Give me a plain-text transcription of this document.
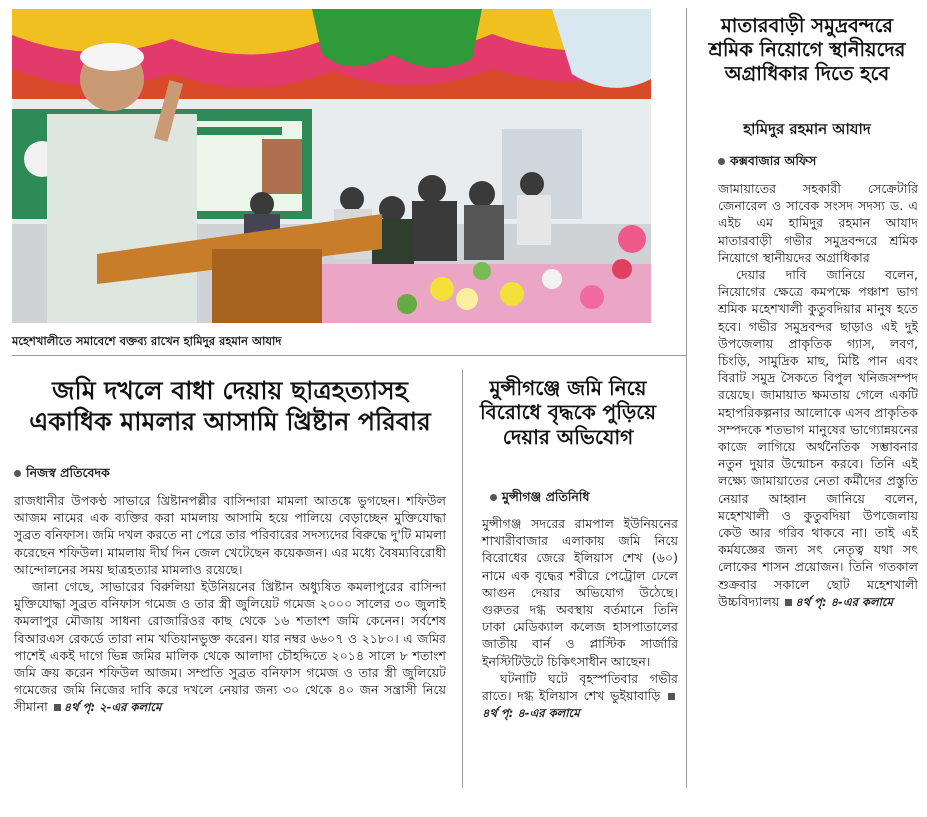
মহেশখালীতে সমাবেশে বক্তব্য রাখেন হামিদুর রহমান আযাদ
জমি দখলে বাধা দেয়ায় ছাত্রহত্যাসহ একাধিক মামলার আসামি খ্রিষ্টান পরিবার
নিজস্ব প্রতিবেদক

রাজধানীর উপকণ্ঠ সাভারে খ্রিষ্টানপল্লীর বাসিন্দারা মামলা আতঙ্কে ভুগছেন। শফিউল আজম নামের এক ব্যক্তির করা মামলায় আসামি হয়ে পালিয়ে বেড়াচ্ছেন মুক্তিযোদ্ধা সুব্রত বনিফাস। জমি দখল করতে না পেরে তার পরিবারের সদস্যদের বিরুদ্ধে দু'টি মামলা করেছেন শফিউল। মামলায় দীর্ঘ দিন জেল খেটেছেন কয়েকজন। এর মধ্যে বৈষম্যবিরোধী আন্দোলনের সময় ছাত্রহত্যার মামলাও রয়েছে।

জানা গেছে, সাভারের বিরুলিয়া ইউনিয়নের খ্রিষ্টান অধ্যুষিত কমলাপুরের বাসিন্দা মুক্তিযোদ্ধা সুব্রত বনিফাস গমেজ ও তার স্ত্রী জুলিয়েট গমেজ ২০০০ সালের ৩০ জুলাই কমলাপুর মৌজায় সাধনা রোজারিওর কাছ থেকে ১৬ শতাংশ জমি কেনেন। সর্বশেষ বিআরএস রেকর্ডে তারা নাম খতিয়ানভুক্ত করেন। যার নম্বর ৬৬০৭ ও ২১৮০। এ জমির পাশেই একই দাগে ভিন্ন জমির মালিক থেকে আলাদা চৌহদ্দিতে ২০১৪ সালে ৮ শতাংশ জমি ক্রয় করেন শফিউল আজম। সম্প্রতি সুব্রত বনিফাস গমেজ ও তার স্ত্রী জুলিয়েট গমেজের জমি নিজের দাবি করে দখলে নেয়ার জন্য ৩০ থেকে ৪০ জন সন্ত্রাসী নিয়ে সীমানা ৪র্থ পৃ: ২-এর কলামে

মুন্সীগঞ্জে জমি নিয়ে বিরোধে বৃদ্ধকে পুড়িয়ে দেয়ার অভিযোগ
মুন্সীগঞ্জ প্রতিনিধি

মুন্সীগঞ্জ সদরের রামপাল ইউনিয়নের শাখারীবাজার এলাকায় জমি নিয়ে বিরোধের জেরে ইলিয়াস শেখ (৬০) নামে এক বৃদ্ধের শরীরে পেট্রোল ঢেলে আগুন দেয়ার অভিযোগ উঠেছে। গুরুতর দগ্ধ অবস্থায় বর্তমানে তিনি ঢাকা মেডিক্যাল কলেজ হাসপাতালের জাতীয় বার্ন ও প্লাস্টিক সার্জারি ইনস্টিটিউটে চিকিৎসাধীন আছেন।

ঘটনাটি ঘটে বৃহস্পতিবার গভীর রাতে। দগ্ধ ইলিয়াস শেখ ভুইয়াবাড়ি ৪র্থ পৃ: ৪-এর কলামে

মাতারবাড়ী সমুদ্রবন্দরে শ্রমিক নিয়োগে স্থানীয়দের অগ্রাধিকার দিতে হবে
হামিদুর রহমান আযাদ
কক্সবাজার অফিস

জামায়াতের সহকারী সেক্রেটারি জেনারেল ও সাবেক সংসদ সদস্য ড. এ এইচ এম হামিদুর রহমান আযাদ মাতারবাড়ী গভীর সমুদ্রবন্দরে শ্রমিক নিয়োগে স্থানীয়দের অগ্রাধিকার

দেয়ার দাবি জানিয়ে বলেন, নিয়োগের ক্ষেত্রে কমপক্ষে পঞ্চাশ ভাগ শ্রমিক মহেশখালী কুতুবদিয়ার মানুষ হতে হবে। গভীর সমুদ্রবন্দর ছাড়াও এই দুই উপজেলায় প্রাকৃতিক গ্যাস, লবণ, চিংড়ি, সামুদ্রিক মাছ, মিষ্টি পান এবং বিরাট সমুদ্র সৈকতে বিপুল খনিজসম্পদ রয়েছে। জামায়াত ক্ষমতায় গেলে একটি মহাপরিকল্পনার আলোকে এসব প্রাকৃতিক সম্পদকে শতভাগ মানুষের ভাগ্যোন্নয়নের কাজে লাগিয়ে অর্থনৈতিক সম্ভাবনার নতুন দুয়ার উন্মোচন করবে। তিনি এই লক্ষ্যে জামায়াতের নেতা কর্মীদের প্রস্তুতি নেয়ার আহ্বান জানিয়ে বলেন, মহেশখালী ও কুতুবদিয়া উপজেলায় কেউ আর গরিব থাকবে না। তাই এই কর্মযজ্ঞের জন্য সৎ নেতৃত্ব যথা সৎ লোকের শাসন প্রয়োজন। তিনি গতকাল শুক্রবার সকালে ছোট মহেশখালী উচ্চবিদ্যালয় ৪র্থ পৃ: ৪-এর কলামে
